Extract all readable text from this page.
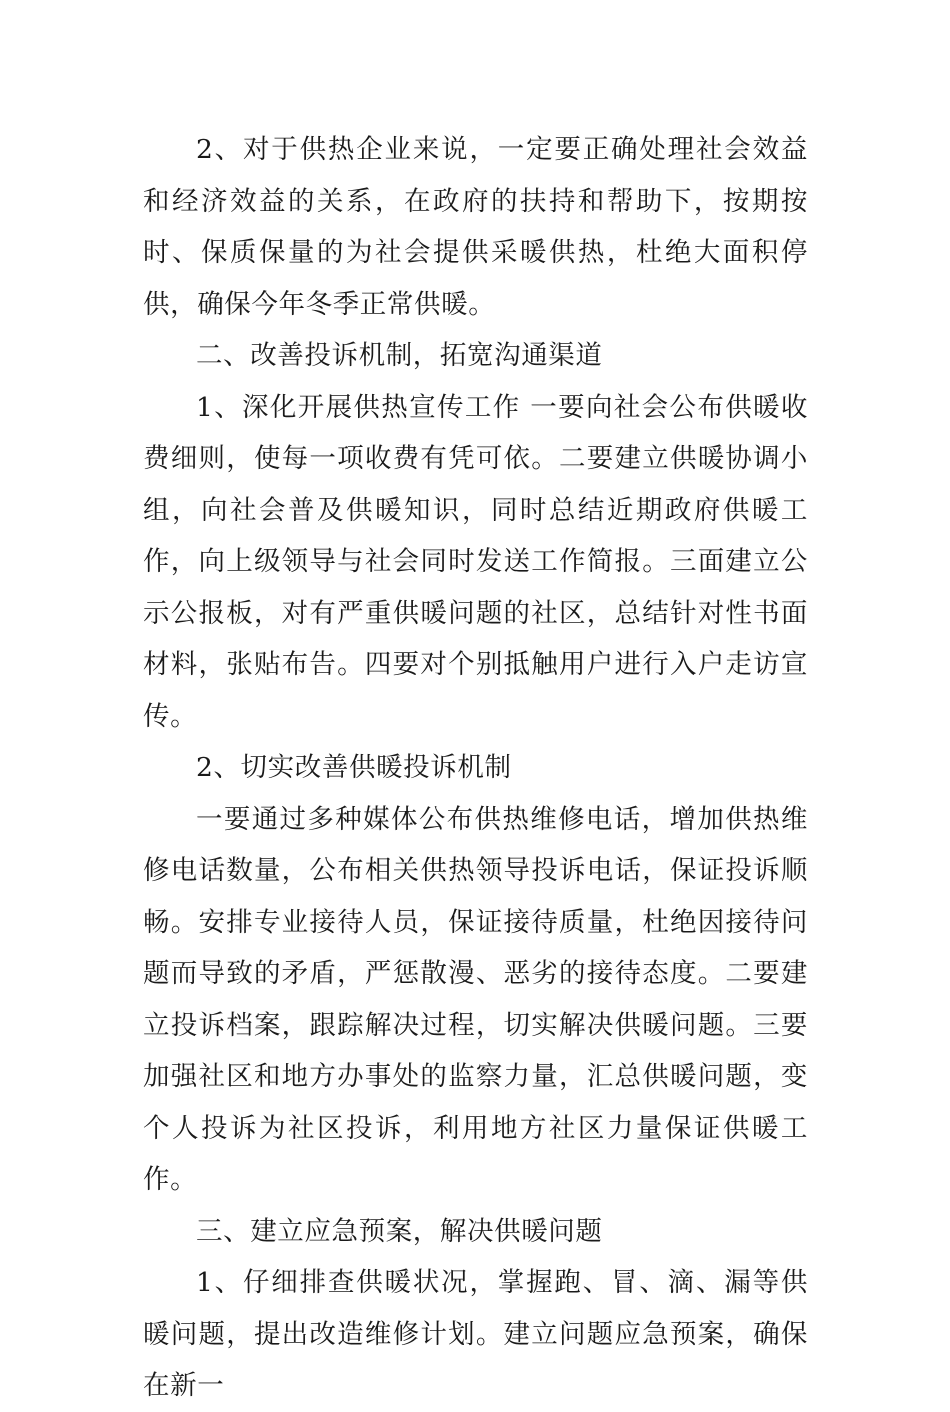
2、对于供热企业来说，一定要正确处理社会效益和经济效益的关系，在政府的扶持和帮助下，按期按时、保质保量的为社会提供采暖供热，杜绝大面积停供，确保今年冬季正常供暖。

二、改善投诉机制，拓宽沟通渠道

1、深化开展供热宣传工作 一要向社会公布供暖收费细则，使每一项收费有凭可依。二要建立供暖协调小组，向社会普及供暖知识，同时总结近期政府供暖工作，向上级领导与社会同时发送工作简报。三面建立公示公报板，对有严重供暖问题的社区，总结针对性书面材料，张贴布告。四要对个别抵触用户进行入户走访宣传。

2、切实改善供暖投诉机制

一要通过多种媒体公布供热维修电话，增加供热维修电话数量，公布相关供热领导投诉电话，保证投诉顺畅。安排专业接待人员，保证接待质量，杜绝因接待问题而导致的矛盾，严惩散漫、恶劣的接待态度。二要建立投诉档案，跟踪解决过程，切实解决供暖问题。三要加强社区和地方办事处的监察力量，汇总供暖问题，变个人投诉为社区投诉，利用地方社区力量保证供暖工作。

三、建立应急预案，解决供暖问题

1、仔细排查供暖状况，掌握跑、冒、滴、漏等供暖问题，提出改造维修计划。建立问题应急预案，确保在新一
